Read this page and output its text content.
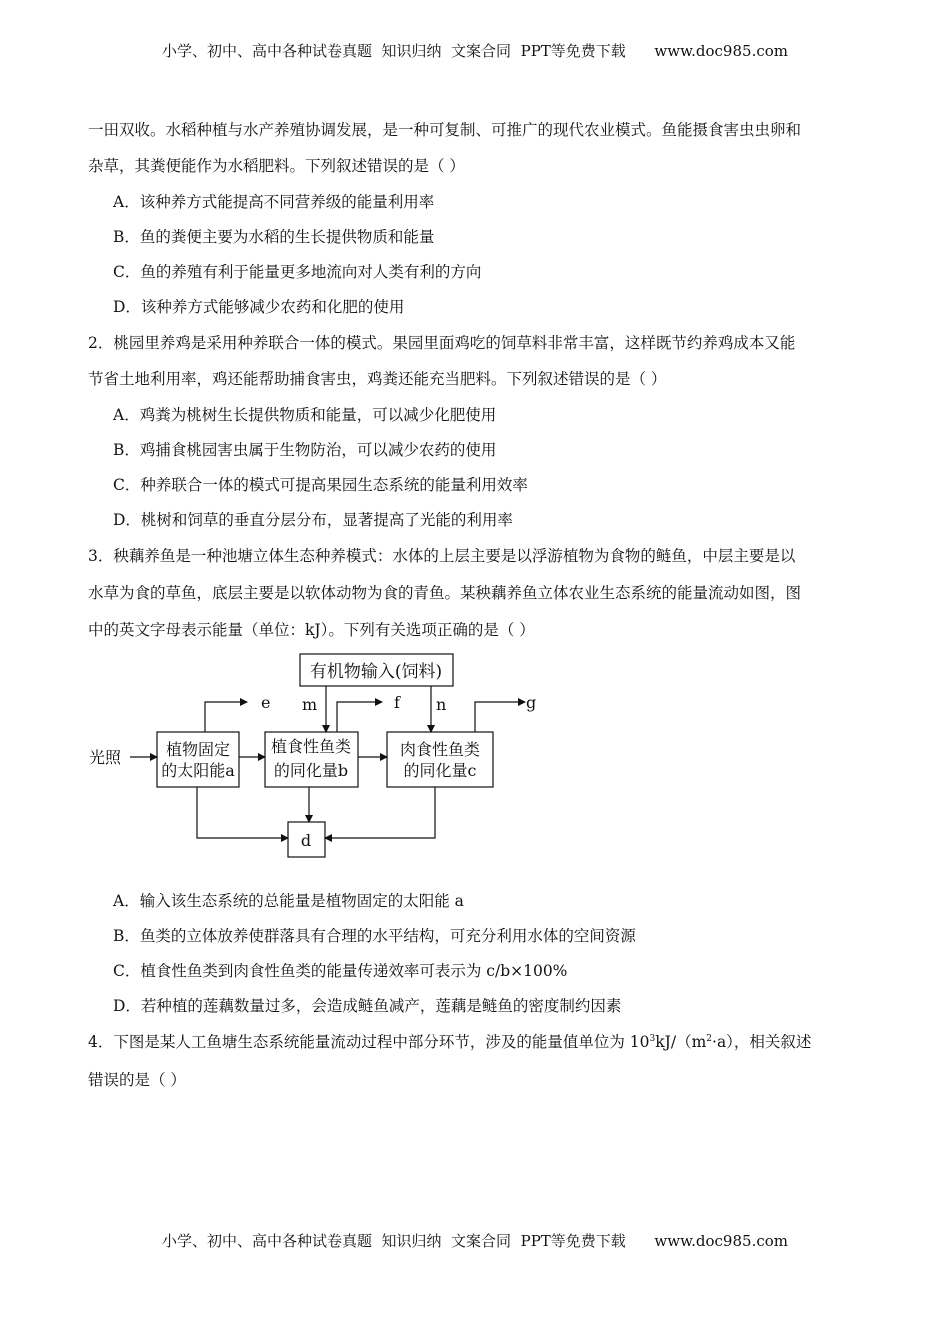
小学、初中、高中各种试卷真题  知识归纳  文案合同  PPT等免费下载      www.doc985.com
一田双收。水稻种植与水产养殖协调发展，是一种可复制、可推广的现代农业模式。鱼能摄食害虫虫卵和
杂草，其粪便能作为水稻肥料。下列叙述错误的是（ ）
A．该种养方式能提高不同营养级的能量利用率
B．鱼的粪便主要为水稻的生长提供物质和能量
C．鱼的养殖有利于能量更多地流向对人类有利的方向
D．该种养方式能够减少农药和化肥的使用
2．桃园里养鸡是采用种养联合一体的模式。果园里面鸡吃的饲草料非常丰富，这样既节约养鸡成本又能
节省土地利用率，鸡还能帮助捕食害虫，鸡粪还能充当肥料。下列叙述错误的是（ ）
A．鸡粪为桃树生长提供物质和能量，可以减少化肥使用
B．鸡捕食桃园害虫属于生物防治，可以减少农药的使用
C．种养联合一体的模式可提高果园生态系统的能量利用效率
D．桃树和饲草的垂直分层分布，显著提高了光能的利用率
3．秧藕养鱼是一种池塘立体生态种养模式：水体的上层主要是以浮游植物为食物的鲢鱼，中层主要是以
水草为食的草鱼，底层主要是以软体动物为食的青鱼。某秧藕养鱼立体农业生态系统的能量流动如图，图
中的英文字母表示能量（单位：kJ）。下列有关选项正确的是（ ）
有机物输入(饲料)
光照	植物固定
的太阳能a
植食性鱼类
的同化量b
肉食性鱼类
的同化量c
e m	f n	g
d
A．输入该生态系统的总能量是植物固定的太阳能 a
B．鱼类的立体放养使群落具有合理的水平结构，可充分利用水体的空间资源
C．植食性鱼类到肉食性鱼类的能量传递效率可表示为 c/b×100%
D．若种植的莲藕数量过多，会造成鲢鱼减产，莲藕是鲢鱼的密度制约因素
4．下图是某人工鱼塘生态系统能量流动过程中部分环节，涉及的能量值单位为 $10^3kJ/(m^2\cdot a)$，相关叙述
错误的是（ ）
小学、初中、高中各种试卷真题  知识归纳  文案合同  PPT等免费下载      www.doc985.com
